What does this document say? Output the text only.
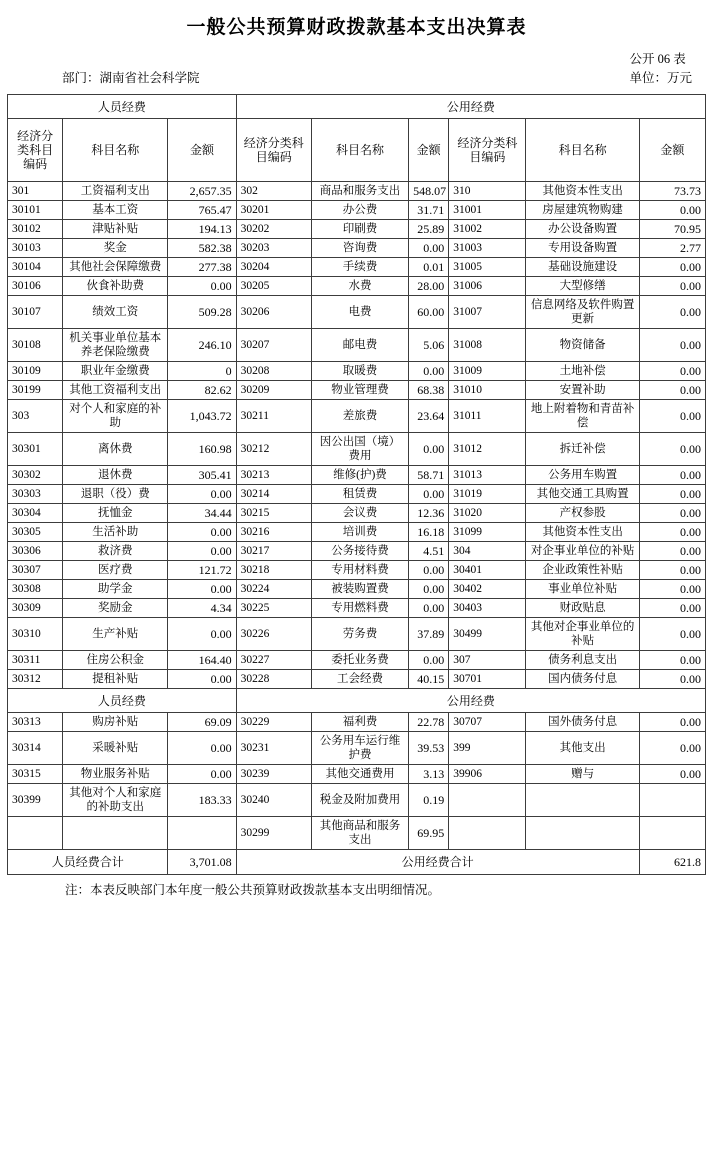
一般公共预算财政拨款基本支出决算表
公开 06 表
单位：万元
部门：湖南省社会科学院
人员经费			公用经费					
经济分类科目编码	科目名称	金额	经济分类科目编码	科目名称	金额	经济分类科目编码	科目名称	金额
301	工资福利支出	2,657.35	302	商品和服务支出	548.07	310	其他资本性支出	73.73
30101	基本工资	765.47	30201	办公费	31.71	31001	房屋建筑物购建	0.00
30102	津贴补贴	194.13	30202	印刷费	25.89	31002	办公设备购置	70.95
30103	奖金	582.38	30203	咨询费	0.00	31003	专用设备购置	2.77
30104	其他社会保障缴费	277.38	30204	手续费	0.01	31005	基础设施建设	0.00
30106	伙食补助费	0.00	30205	水费	28.00	31006	大型修缮	0.00
30107	绩效工资	509.28	30206	电费	60.00	31007	信息网络及软件购置更新	0.00
30108	机关事业单位基本养老保险缴费	246.10	30207	邮电费	5.06	31008	物资储备	0.00
30109	职业年金缴费	0	30208	取暖费	0.00	31009	土地补偿	0.00
30199	其他工资福利支出	82.62	30209	物业管理费	68.38	31010	安置补助	0.00
303	对个人和家庭的补助	1,043.72	30211	差旅费	23.64	31011	地上附着物和青苗补偿	0.00
30301	离休费	160.98	30212	因公出国（境）费用	0.00	31012	拆迁补偿	0.00
30302	退休费	305.41	30213	维修(护)费	58.71	31013	公务用车购置	0.00
30303	退职（役）费	0.00	30214	租赁费	0.00	31019	其他交通工具购置	0.00
30304	抚恤金	34.44	30215	会议费	12.36	31020	产权参股	0.00
30305	生活补助	0.00	30216	培训费	16.18	31099	其他资本性支出	0.00
30306	救济费	0.00	30217	公务接待费	4.51	304	对企事业单位的补贴	0.00
30307	医疗费	121.72	30218	专用材料费	0.00	30401	企业政策性补贴	0.00
30308	助学金	0.00	30224	被装购置费	0.00	30402	事业单位补贴	0.00
30309	奖励金	4.34	30225	专用燃料费	0.00	30403	财政贴息	0.00
30310	生产补贴	0.00	30226	劳务费	37.89	30499	其他对企事业单位的补贴	0.00
30311	住房公积金	164.40	30227	委托业务费	0.00	307	债务利息支出	0.00
30312	提租补贴	0.00	30228	工会经费	40.15	30701	国内债务付息	0.00
人员经费			公用经费					
30313	购房补贴	69.09	30229	福利费	22.78	30707	国外债务付息	0.00
30314	采暖补贴	0.00	30231	公务用车运行维护费	39.53	399	其他支出	0.00
30315	物业服务补贴	0.00	30239	其他交通费用	3.13	39906	赠与	0.00
30399	其他对个人和家庭的补助支出	183.33	30240	税金及附加费用	0.19			
			30299	其他商品和服务支出	69.95			
人员经费合计		3,701.08	公用经费合计					621.8
注：本表反映部门本年度一般公共预算财政拨款基本支出明细情况。
